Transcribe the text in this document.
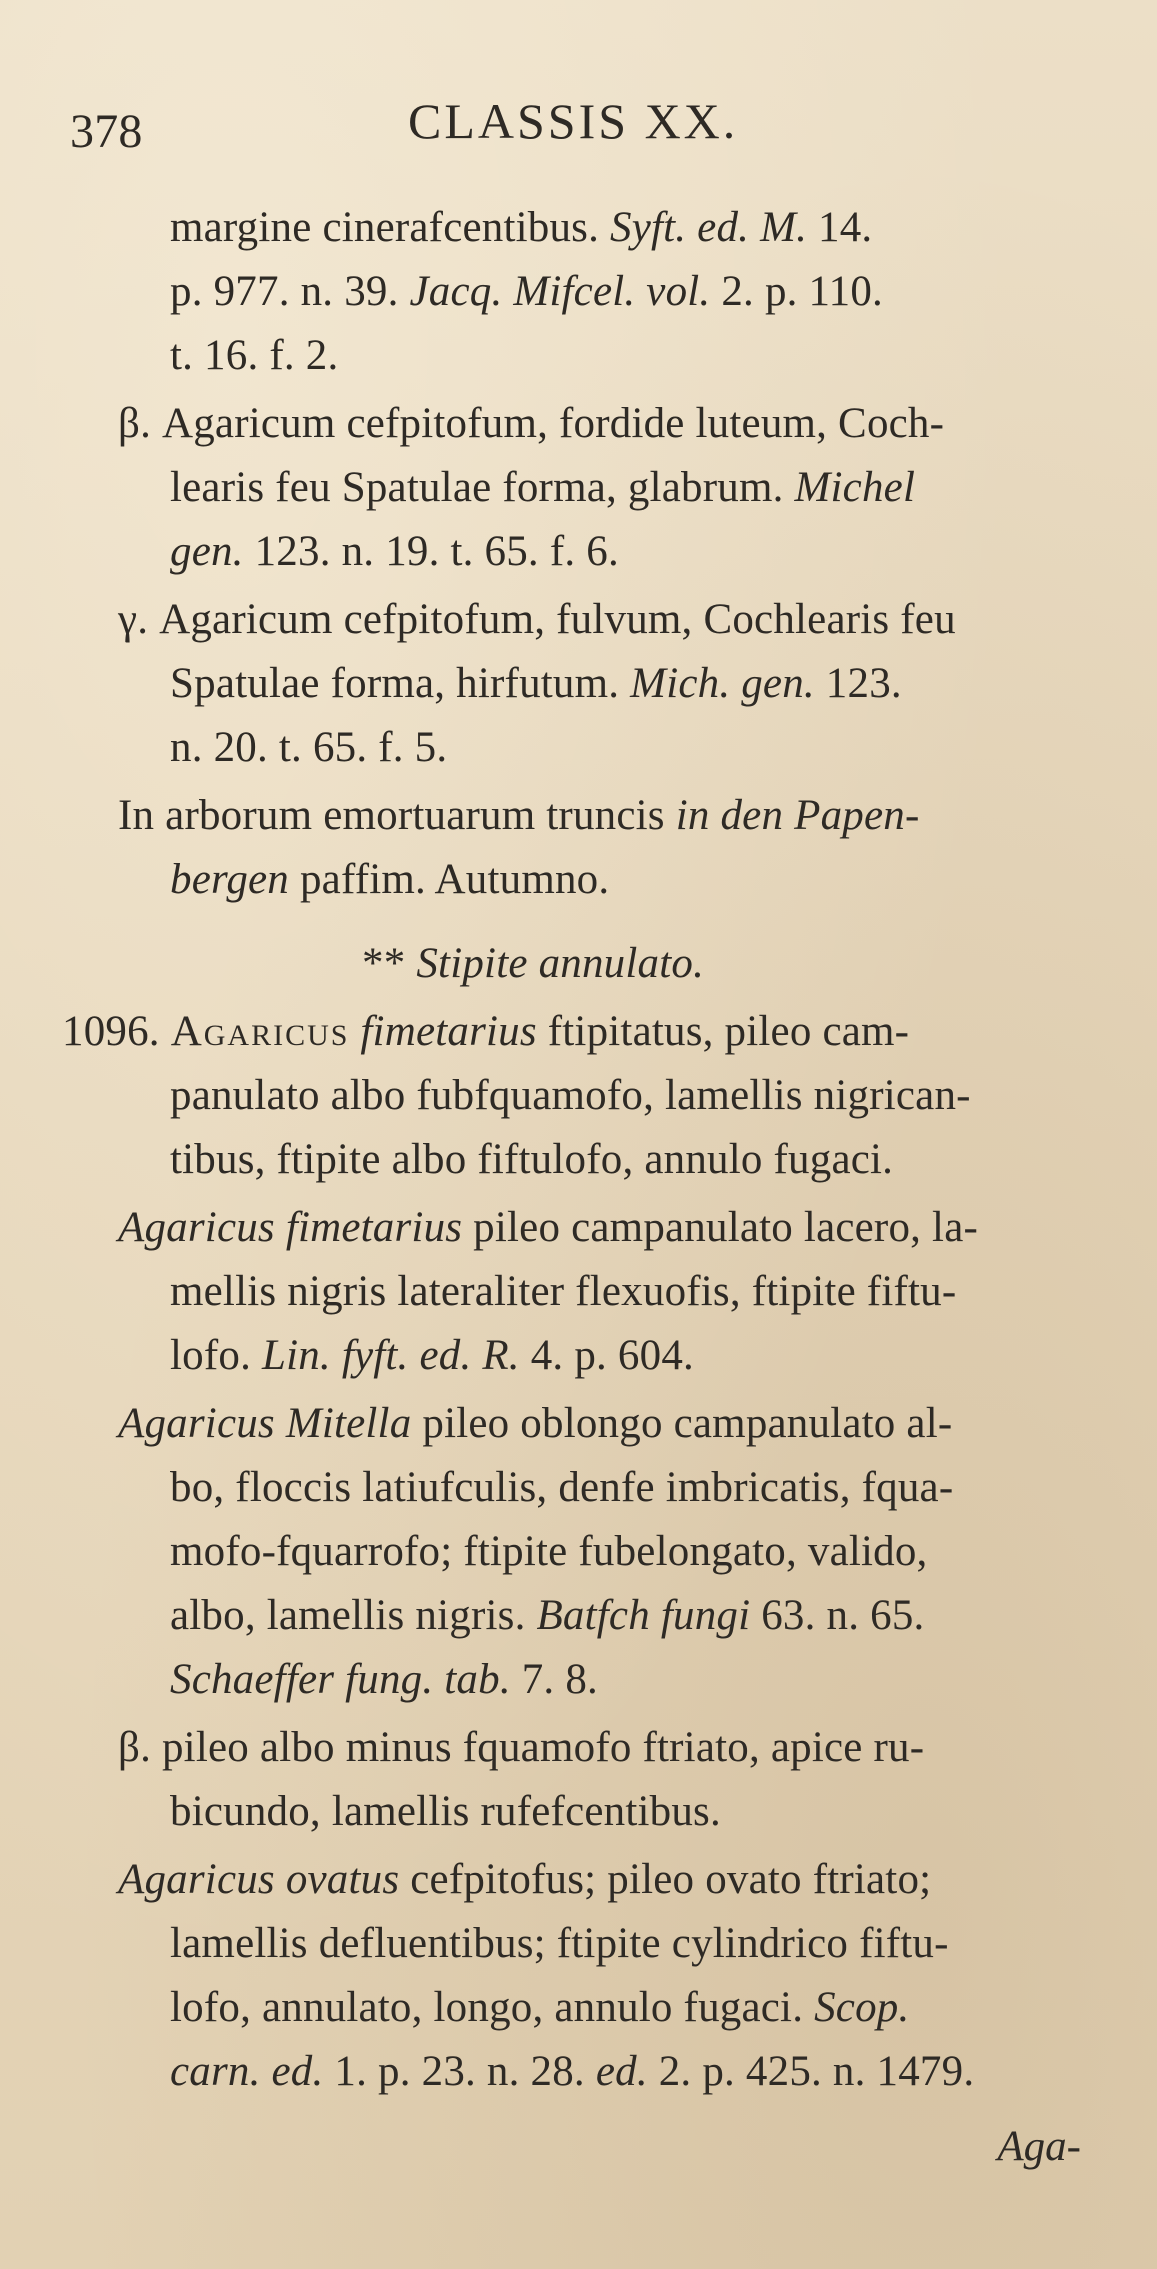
378	CLASSIS XX.
margine cinerafcentibus. Syft. ed. M. 14.
p. 977. n. 39. Jacq. Mifcel. vol. 2. p. 110.
t. 16. f. 2.
β. Agaricum cefpitofum, fordide luteum, Coch-
learis feu Spatulae forma, glabrum. Michel
gen. 123. n. 19. t. 65. f. 6.
γ. Agaricum cefpitofum, fulvum, Cochlearis feu
Spatulae forma, hirfutum. Mich. gen. 123.
n. 20. t. 65. f. 5.
In arborum emortuarum truncis in den Papen-
bergen paffim. Autumno.
** Stipite annulato.
1096. Agaricus fimetarius ftipitatus, pileo cam-
panulato albo fubfquamofo, lamellis nigrican-
tibus, ftipite albo fiftulofo, annulo fugaci.
Agaricus fimetarius pileo campanulato lacero, la-
mellis nigris lateraliter flexuofis, ftipite fiftu-
lofo. Lin. fyft. ed. R. 4. p. 604.
Agaricus Mitella pileo oblongo campanulato al-
bo, floccis latiufculis, denfe imbricatis, fqua-
mofo-fquarrofo; ftipite fubelongato, valido,
albo, lamellis nigris. Batfch fungi 63. n. 65.
Schaeffer fung. tab. 7. 8.
β. pileo albo minus fquamofo ftriato, apice ru-
bicundo, lamellis rufefcentibus.
Agaricus ovatus cefpitofus; pileo ovato ftriato;
lamellis defluentibus; ftipite cylindrico fiftu-
lofo, annulato, longo, annulo fugaci. Scop.
carn. ed. 1. p. 23. n. 28. ed. 2. p. 425. n. 1479.
Aga-
